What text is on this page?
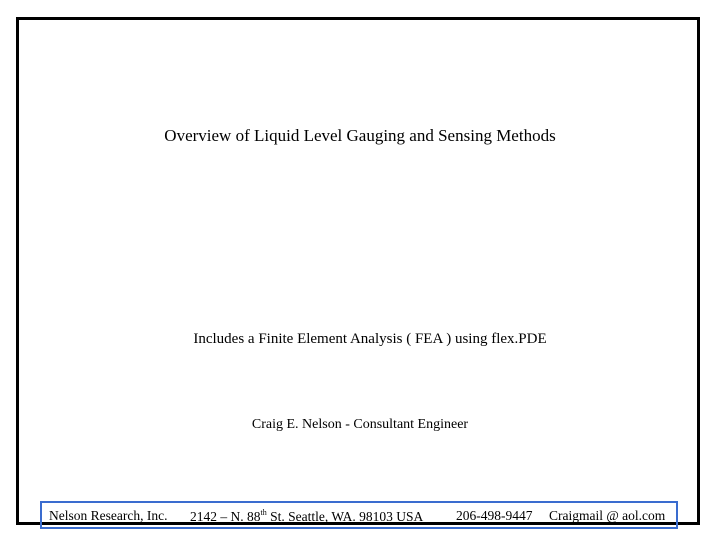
Overview of Liquid Level Gauging and Sensing Methods
Includes a Finite Element Analysis ( FEA ) using flex.PDE
Craig E. Nelson - Consultant Engineer
Nelson Research, Inc. 2142 – N. 88th St. Seattle, WA. 98103 USA 206-498-9447 Craigmail @ aol.com
